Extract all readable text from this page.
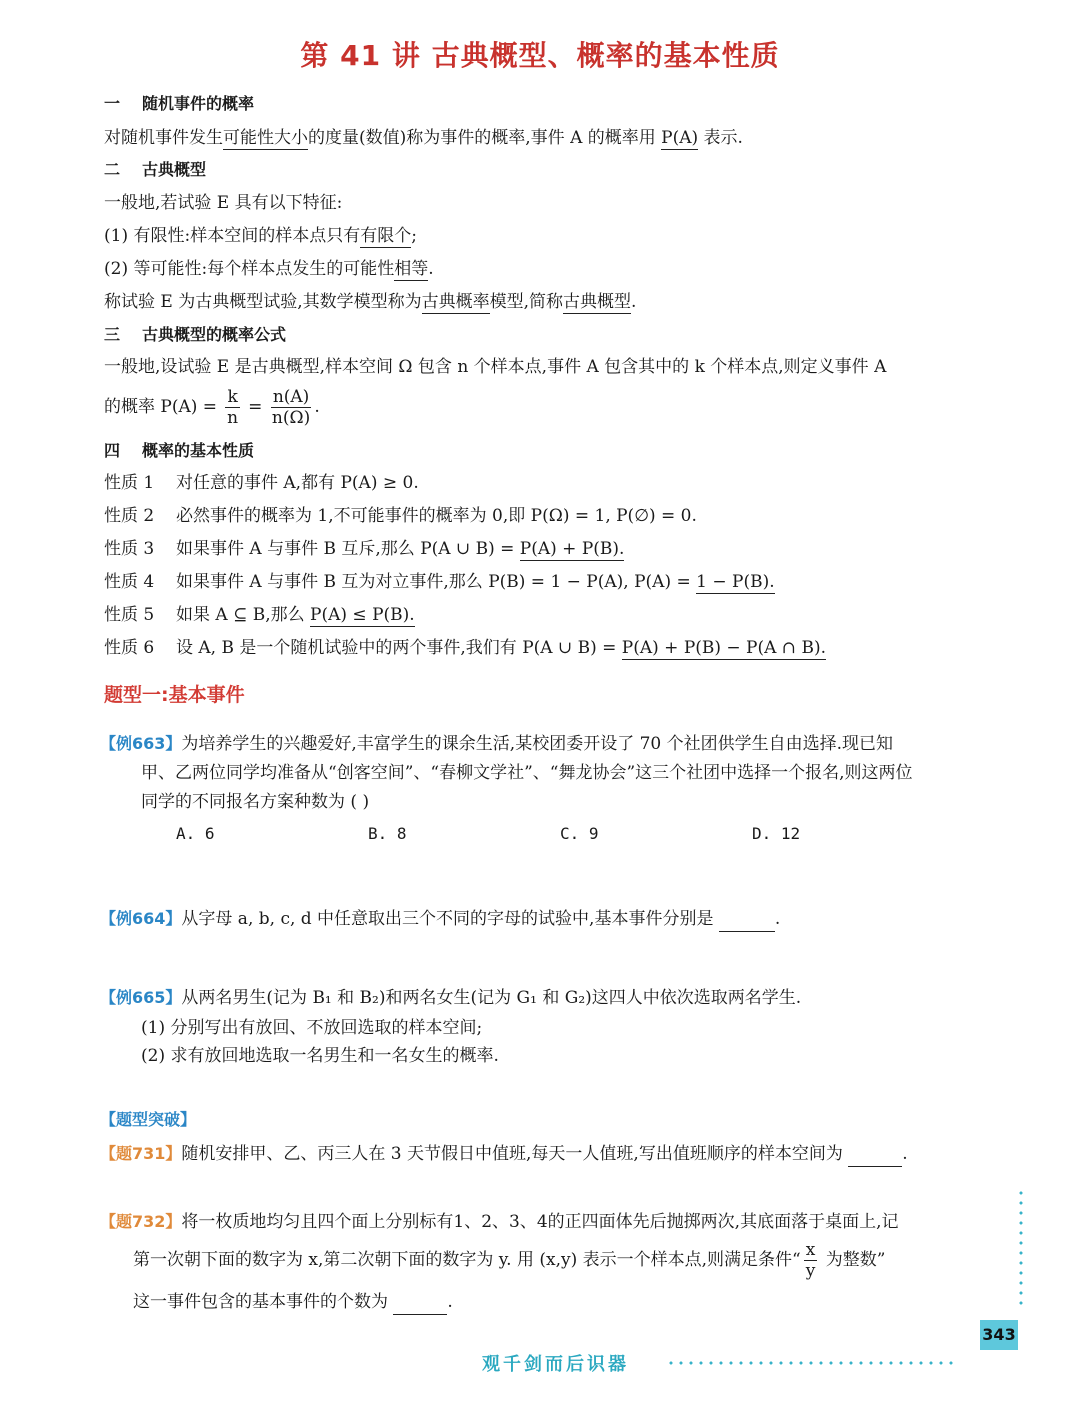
第 41 讲 古典概型、概率的基本性质
一 随机事件的概率
对随机事件发生可能性大小的度量(数值)称为事件的概率,事件 A 的概率用 P(A) 表示.
二 古典概型
一般地,若试验 E 具有以下特征:
(1) 有限性:样本空间的样本点只有有限个;
(2) 等可能性:每个样本点发生的可能性相等.
称试验 E 为古典概型试验,其数学模型称为古典概率模型,简称古典概型.
三 古典概型的概率公式
一般地,设试验 E 是古典概型,样本空间 Ω 包含 n 个样本点,事件 A 包含其中的 k 个样本点,则定义事件 A
的概率 $P(A) = \frac{k}{n} = \frac{n(A)}{n(\Omega)}$ .
四 概率的基本性质
性质 1 对任意的事件 A,都有 P(A) ≥ 0.
性质 2 必然事件的概率为 1,不可能事件的概率为 0,即 P(Ω) = 1, P(∅) = 0.
性质 3 如果事件 A 与事件 B 互斥,那么 P(A ∪ B) = P(A) + P(B).
性质 4 如果事件 A 与事件 B 互为对立事件,那么 P(B) = 1 − P(A), P(A) = 1 − P(B).
性质 5 如果 A ⊆ B,那么 P(A) ≤ P(B).
性质 6 设 A, B 是一个随机试验中的两个事件,我们有 P(A ∪ B) = P(A) + P(B) − P(A ∩ B).
题型一:基本事件
【例663】为培养学生的兴趣爱好,丰富学生的课余生活,某校团委开设了 70 个社团供学生自由选择.现已知
甲、乙两位同学均准备从“创客空间”、“春柳文学社”、“舞龙协会”这三个社团中选择一个报名,则这两位
同学的不同报名方案种数为 ( )
A. 6	B. 8	C. 9	D. 12
【例664】从字母 a, b, c, d 中任意取出三个不同的字母的试验中,基本事件分别是	.
【例665】从两名男生(记为 B₁ 和 B₂)和两名女生(记为 G₁ 和 G₂)这四人中依次选取两名学生.
(1) 分别写出有放回、不放回选取的样本空间;
(2) 求有放回地选取一名男生和一名女生的概率.
【题型突破】
【题731】随机安排甲、乙、丙三人在 3 天节假日中值班,每天一人值班,写出值班顺序的样本空间为	.
【题732】将一枚质地均匀且四个面上分别标有1、2、3、4的正四面体先后抛掷两次,其底面落于桌面上,记
第一次朝下面的数字为 x,第二次朝下面的数字为 y. 用 (x,y) 表示一个样本点,则满足条件“ $\frac{x}{y}$ 为整数”
这一事件包含的基本事件的个数为	.
343
观千剑而后识器
